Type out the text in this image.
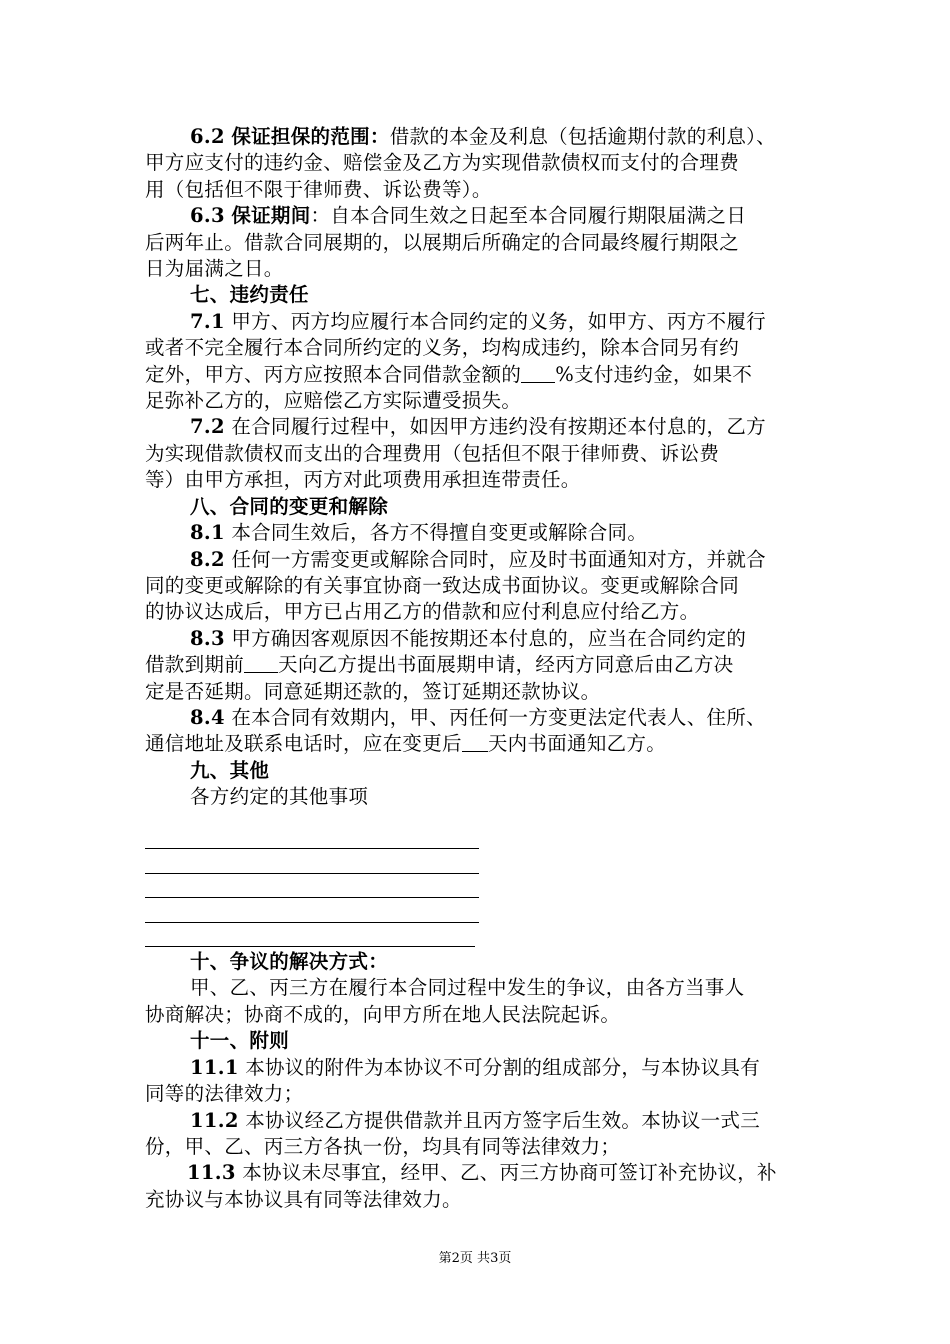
6.2 保证担保的范围：借款的本金及利息（包括逾期付款的利息）、
甲方应支付的违约金、赔偿金及乙方为实现借款债权而支付的合理费
用（包括但不限于律师费、诉讼费等）。
6.3 保证期间：自本合同生效之日起至本合同履行期限届满之日
后两年止。借款合同展期的，以展期后所确定的合同最终履行期限之
日为届满之日。
七、违约责任
7.1 甲方、丙方均应履行本合同约定的义务，如甲方、丙方不履行
或者不完全履行本合同所约定的义务，均构成违约，除本合同另有约
定外，甲方、丙方应按照本合同借款金额的 %支付违约金，如果不
足弥补乙方的，应赔偿乙方实际遭受损失。
7.2 在合同履行过程中，如因甲方违约没有按期还本付息的，乙方
为实现借款债权而支出的合理费用（包括但不限于律师费、诉讼费
等）由甲方承担，丙方对此项费用承担连带责任。
八、合同的变更和解除
8.1 本合同生效后，各方不得擅自变更或解除合同。
8.2 任何一方需变更或解除合同时，应及时书面通知对方，并就合
同的变更或解除的有关事宜协商一致达成书面协议。变更或解除合同
的协议达成后，甲方已占用乙方的借款和应付利息应付给乙方。
8.3 甲方确因客观原因不能按期还本付息的，应当在合同约定的
借款到期前 天向乙方提出书面展期申请，经丙方同意后由乙方决
定是否延期。同意延期还款的，签订延期还款协议。
8.4 在本合同有效期内，甲、丙任何一方变更法定代表人、住所、
通信地址及联系电话时，应在变更后 天内书面通知乙方。
九、其他
各方约定的其他事项
十、争议的解决方式：
甲、乙、丙三方在履行本合同过程中发生的争议，由各方当事人
协商解决；协商不成的，向甲方所在地人民法院起诉。
十一、附则
11.1 本协议的附件为本协议不可分割的组成部分，与本协议具有
同等的法律效力；
11.2 本协议经乙方提供借款并且丙方签字后生效。本协议一式三
份，甲、乙、丙三方各执一份，均具有同等法律效力；
11.3 本协议未尽事宜，经甲、乙、丙三方协商可签订补充协议，补
充协议与本协议具有同等法律效力。
第2页 共3页
